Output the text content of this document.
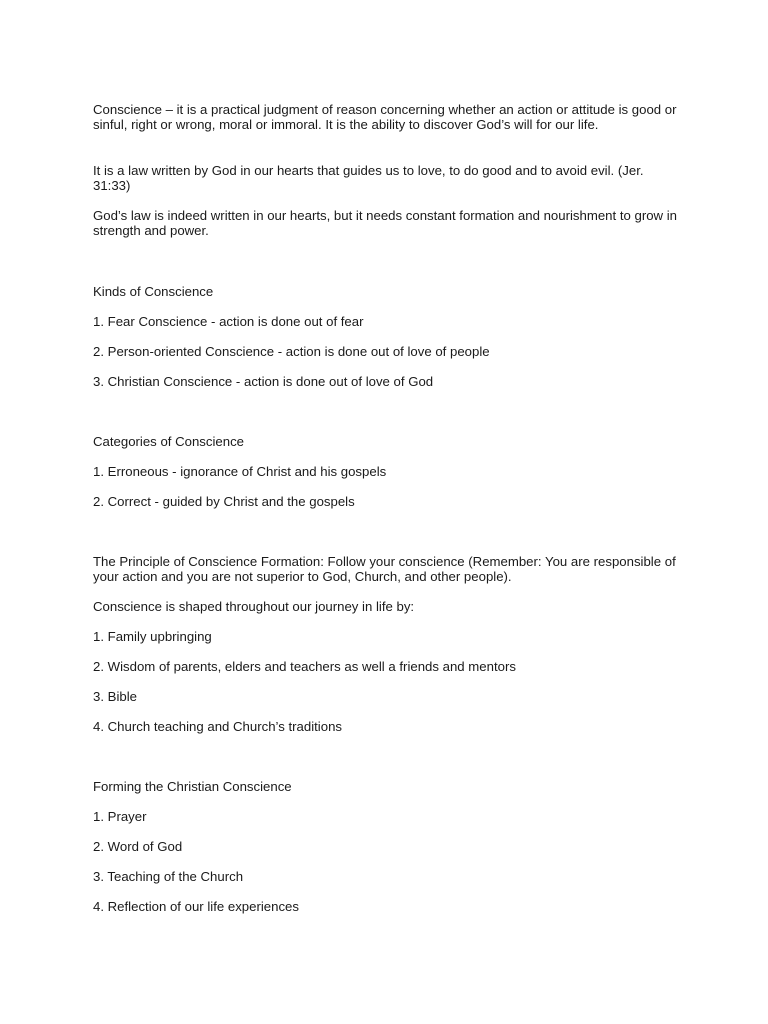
Conscience – it is a practical judgment of reason concerning whether an action or attitude is good or sinful, right or wrong, moral or immoral. It is the ability to discover God’s will for our life.

It is a law written by God in our hearts that guides us to love, to do good and to avoid evil. (Jer. 31:33)

God’s law is indeed written in our hearts, but it needs constant formation and nourishment to grow in strength and power.

Kinds of Conscience

1. Fear Conscience - action is done out of fear

2. Person-oriented Conscience - action is done out of love of people

3. Christian Conscience - action is done out of love of God

Categories of Conscience

1. Erroneous - ignorance of Christ and his gospels

2. Correct - guided by Christ and the gospels

The Principle of Conscience Formation: Follow your conscience (Remember: You are responsible of your action and you are not superior to God, Church, and other people).

Conscience is shaped throughout our journey in life by:

1. Family upbringing

2. Wisdom of parents, elders and teachers as well a friends and mentors

3. Bible

4. Church teaching and Church’s traditions

Forming the Christian Conscience

1. Prayer

2. Word of God

3. Teaching of the Church

4. Reflection of our life experiences
